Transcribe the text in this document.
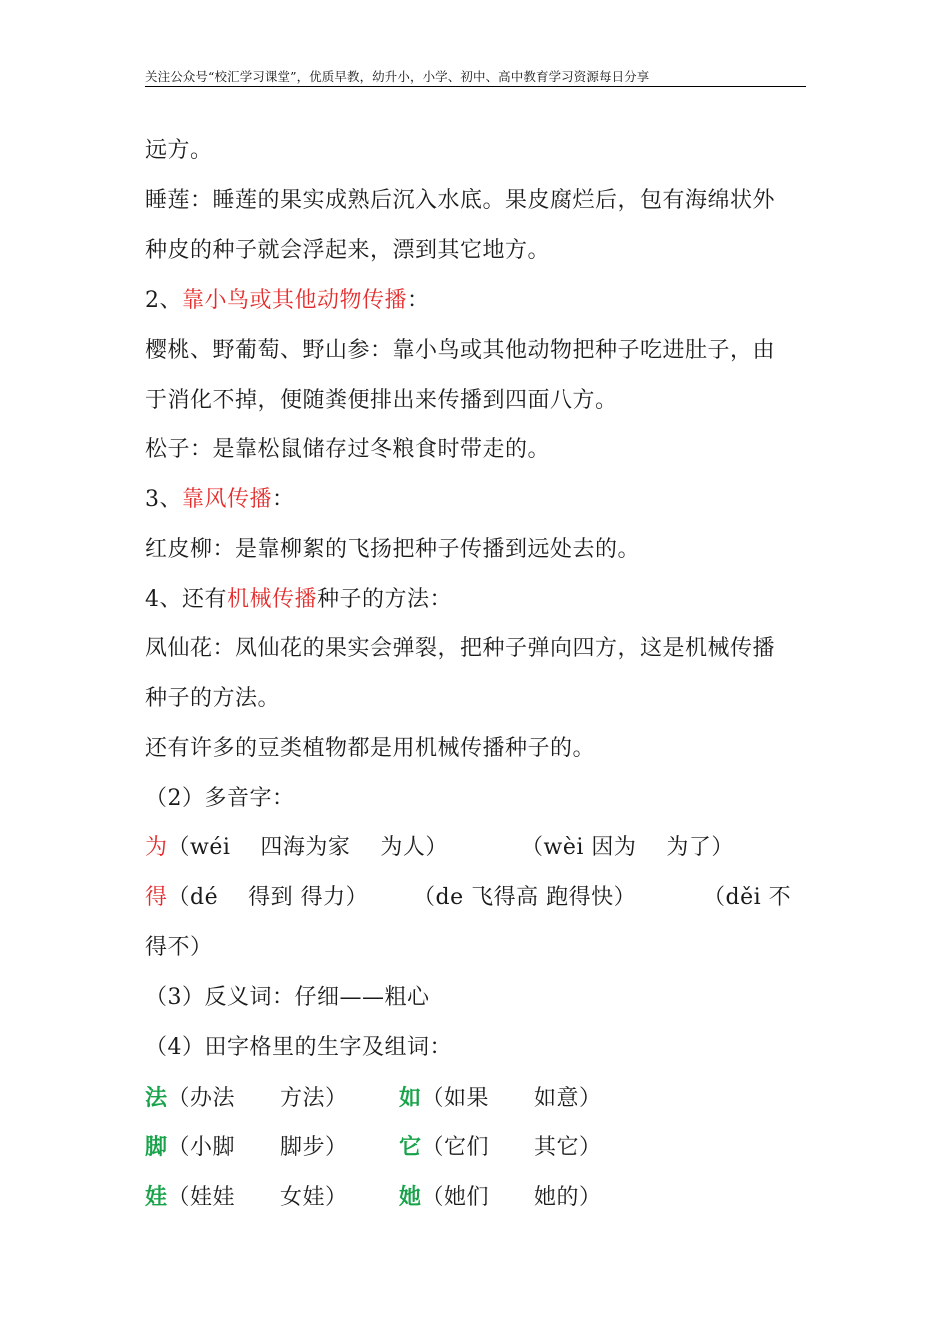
关注公众号“校汇学习课堂”，优质早教，幼升小，小学、初中、高中教育学习资源每日分享
远方。
睡莲：睡莲的果实成熟后沉入水底。果皮腐烂后，包有海绵状外
种皮的种子就会浮起来，漂到其它地方。
2、靠小鸟或其他动物传播：
樱桃、野葡萄、野山参：靠小鸟或其他动物把种子吃进肚子，由
于消化不掉，便随粪便排出来传播到四面八方。
松子：是靠松鼠储存过冬粮食时带走的。
3、靠风传播：
红皮柳：是靠柳絮的飞扬把种子传播到远处去的。
4、还有机械传播种子的方法：
凤仙花：凤仙花的果实会弹裂，把种子弹向四方，这是机械传播
种子的方法。
还有许多的豆类植物都是用机械传播种子的。
（2）多音字：
为（wéi　 四海为家　 为人）	（wèi 因为　 为了）
得（dé　 得到 得力） （de 飞得高 跑得快）	（děi 不
得不）
（3）反义词：仔细——粗心
（4）田字格里的生字及组词：
法（办法　　方法） 如（如果　　如意）
脚（小脚　　脚步） 它（它们　　其它）
娃（娃娃　　女娃） 她（她们　　她的）
